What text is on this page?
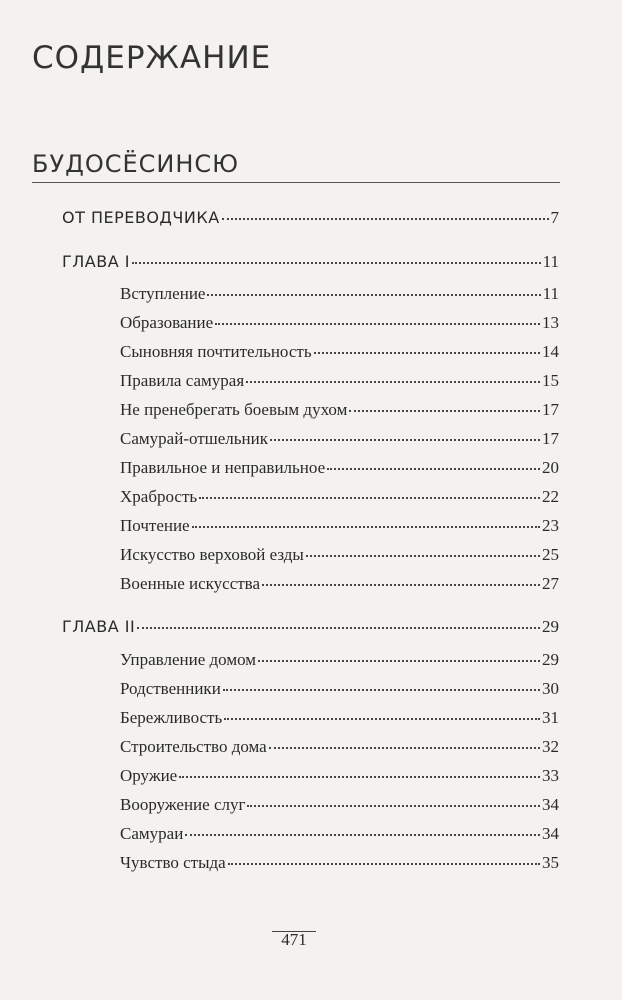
СОДЕРЖАНИЕ
БУДОСЁСИНСЮ
ОТ ПЕРЕВОДЧИКА	7
ГЛАВА I	11
Вступление	11
Образование	13
Сыновняя почтительность	14
Правила самурая	15
Не пренебрегать боевым духом	17
Самурай-отшельник	17
Правильное и неправильное	20
Храбрость	22
Почтение	23
Искусство верховой езды	25
Военные искусства	27
ГЛАВА II	29
Управление домом	29
Родственники	30
Бережливость	31
Строительство дома	32
Оружие	33
Вооружение слуг	34
Самураи	34
Чувство стыда	35
471
